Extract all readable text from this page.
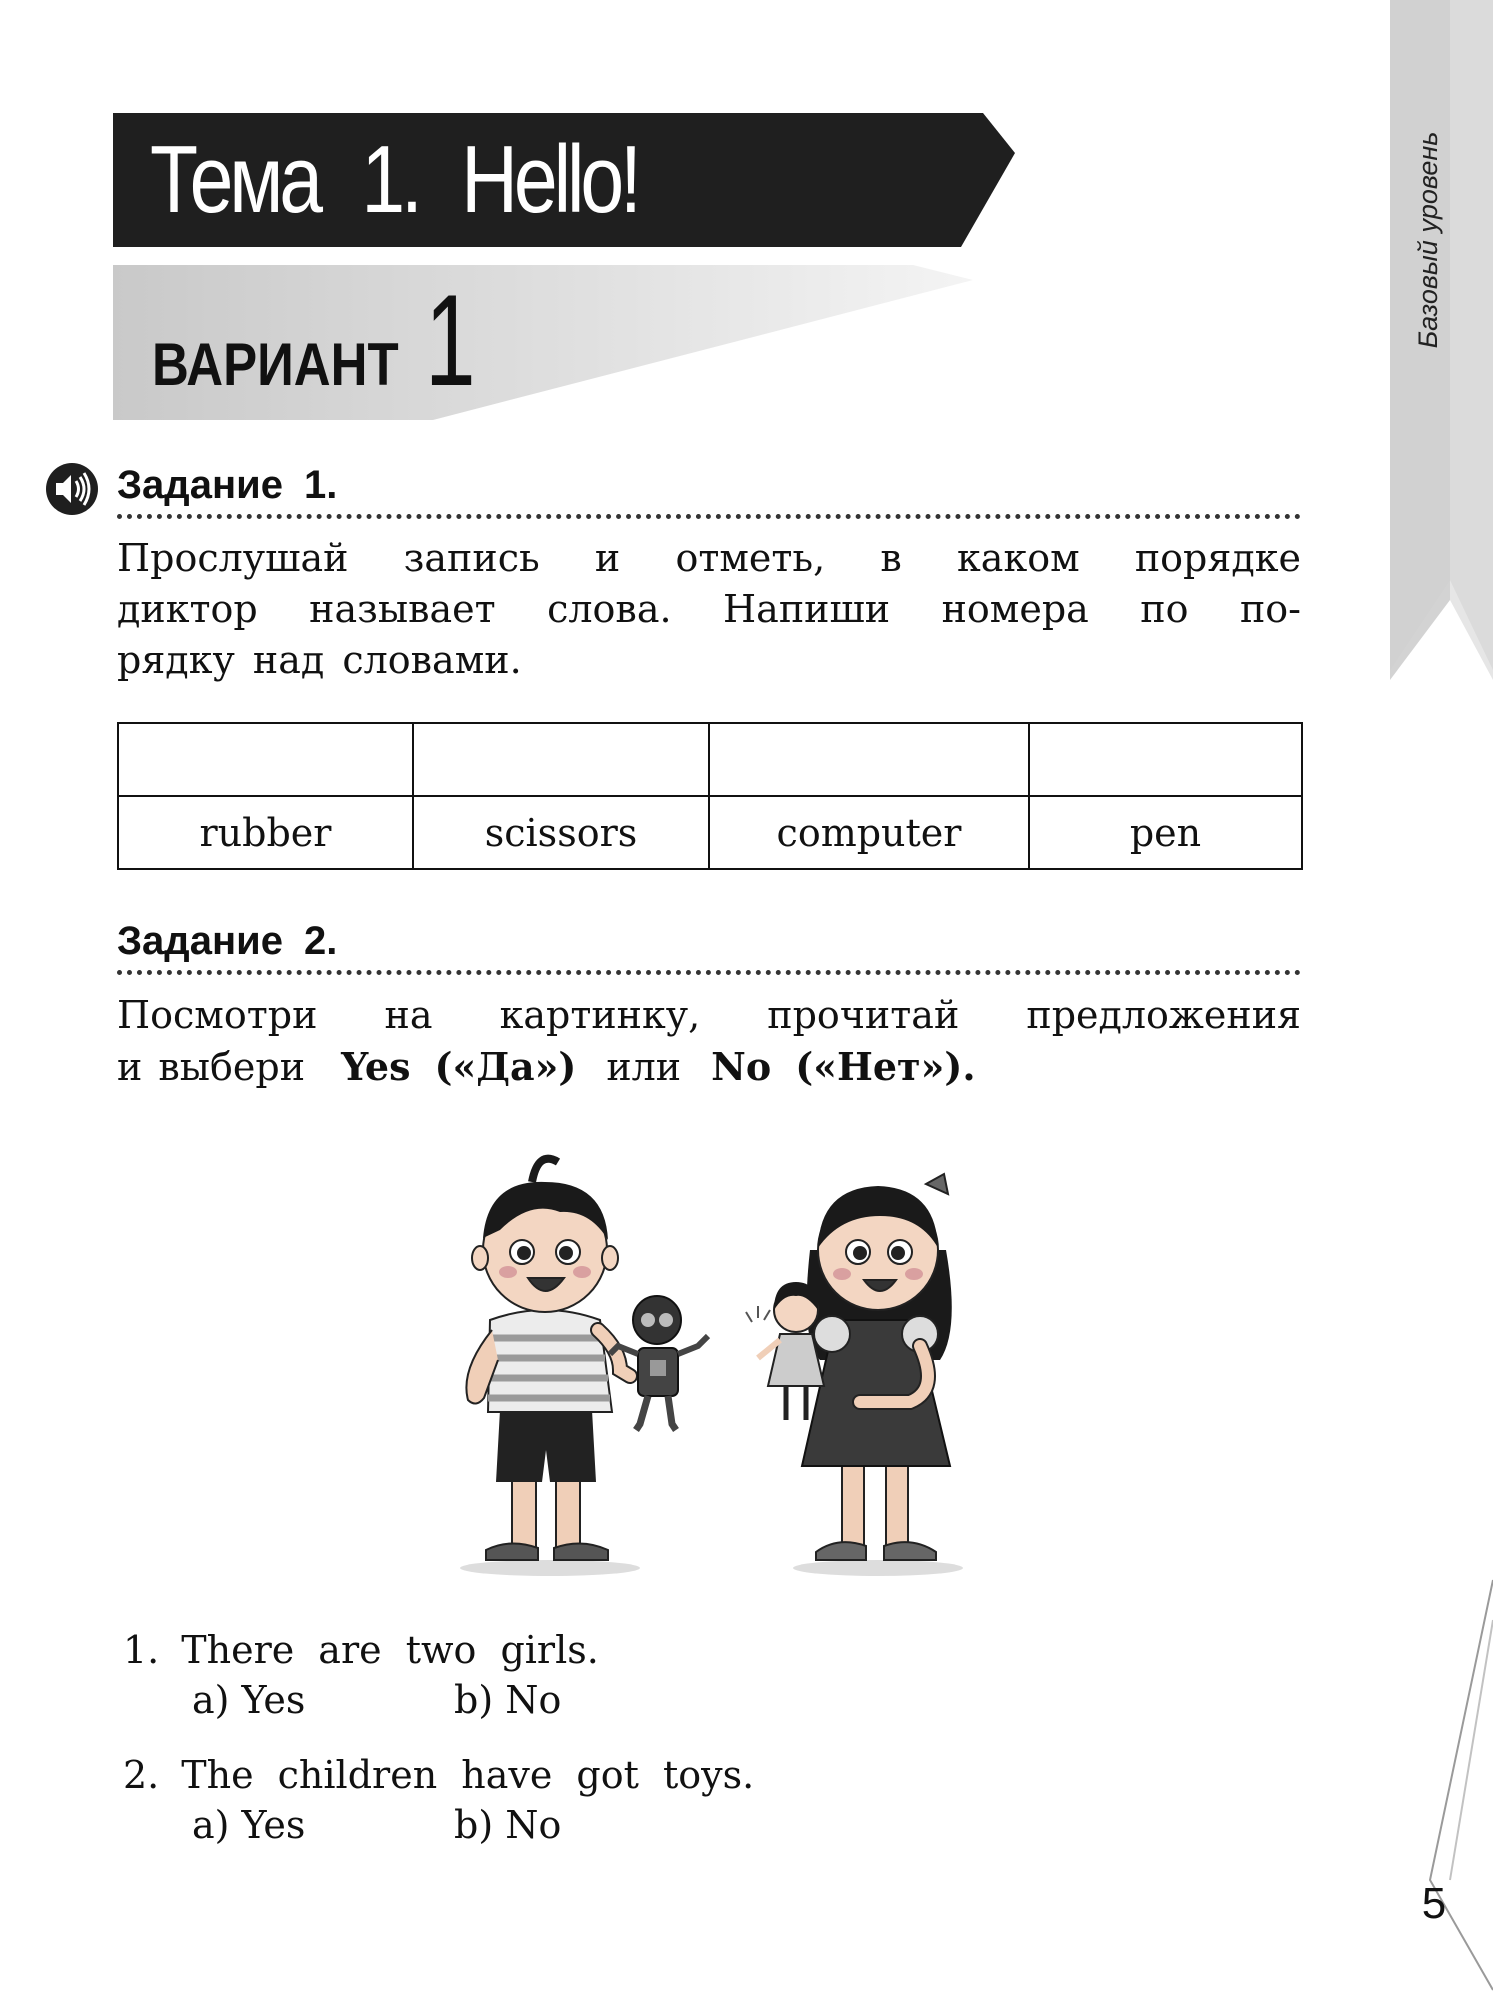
Базовый уровень
5
Тема 1. Hello!
ВАРИАНТ 1
Задание 1.
Прослушай запись и отметь, в каком порядке
диктор называет слова. Напиши номера по по-
рядку над словами.

rubber	scissors	computer	pen
Задание 2.
Посмотри на картинку, прочитай предложения
и выбери Yes («Да») или No («Нет»).
1. There are two girls.
a) Yes	b) No
2. The children have got toys.
a) Yes	b) No
